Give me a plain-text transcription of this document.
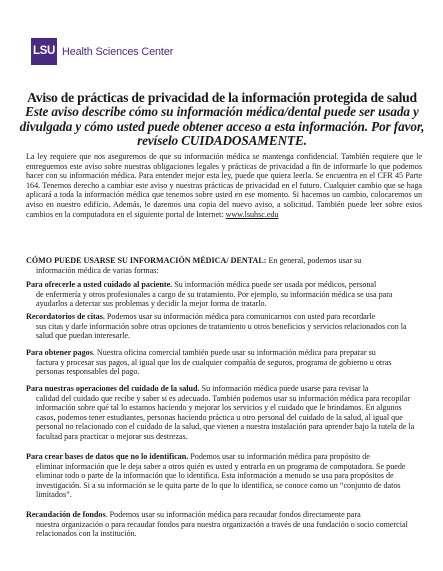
LSU Health Sciences Center

Aviso de prácticas de privacidad de la información protegida de salud

Este aviso describe cómo su información médica/dental puede ser usada y divulgada y cómo usted puede obtener acceso a esta información. Por favor, revíselo CUIDADOSAMENTE.

La ley requiere que nos aseguremos de que su información médica se mantenga confidencial. También requiere que le entreguemos este aviso sobre nuestras obligaciones legales y prácticas de privacidad a fin de informarle lo que podemos hacer con su información médica. Para entender mejor esta ley, puede que quiera leerla. Se encuentra en el CFR 45 Parte 164. Tenemos derecho a cambiar este aviso y nuestras prácticas de privacidad en el futuro. Cualquier cambio que se haga aplicará a toda la información médica que tenemos sobre usted en ese momento. Si hacemos un cambio, colocaremos un aviso en nuestro edificio. Además, le daremos una copia del nuevo aviso, a solicitud. También puede leer sobre estos cambios en la computadora en el siguiente portal de Internet: www.lsuhsc.edu

CÓMO PUEDE USARSE SU INFORMACIÓN MÉDICA/ DENTAL: En general, podemos usar su
información médica de varias formas:

Para ofrecerle a usted cuidado al paciente. Su información médica puede ser usada por médicos, personal
de enfermería y otros profesionales a cargo de su tratamiento. Por ejemplo, su información médica se usa para ayudarlos a detectar sus problemas y decidir la mejor forma de tratarlo.

Recordatorios de citas. Podemos usar su información médica para comunicarnos con usted para recordarle
sus citas y darle información sobre otras opciones de tratamiento u otros beneficios y servicios relacionados con la salud que puedan interesarle.

Para obtener pagos. Nuestra oficina comercial también puede usar su información médica para preparar su
factura y procesar sus pagos, al igual que los de cualquier compañía de seguros, programa de gobierno u otras personas responsables del pago.

Para nuestras operaciones del cuidado de la salud. Su información médica puede usarse para revisar la
calidad del cuidado que recibe y saber si es adecuado. También podemos usar su información médica para recopilar información sobre qué tal lo estamos haciendo y mejorar los servicios y el cuidado que le brindamos. En algunos casos, podemos tener estudiantes, personas haciendo práctica u otro personal del cuidado de la salud, al igual que personal no relacionado con el cuidado de la salud, que vienen a nuestra instalación para aprender bajo la tutela de la facultad para practicar o mejorar sus destrezas.

Para crear bases de datos que no lo identifican. Podemos usar su información médica para propósito de
eliminar información que le deja saber a otros quién es usted y entrarla en un programa de computadora. Se puede eliminar todo o parte de la información que lo identifica. Esta información a menudo se usa para propósitos de investigación. Si a su información se le quita parte de lo que lo identifica, se conoce como un “conjunto de datos limitados”.

Recaudación de fondos. Podemos usar su información médica para recaudar fondos directamente para
nuestra organización o para recaudar fondos para nuestra organización a través de una fundación o socio comercial relacionados con la institución.
